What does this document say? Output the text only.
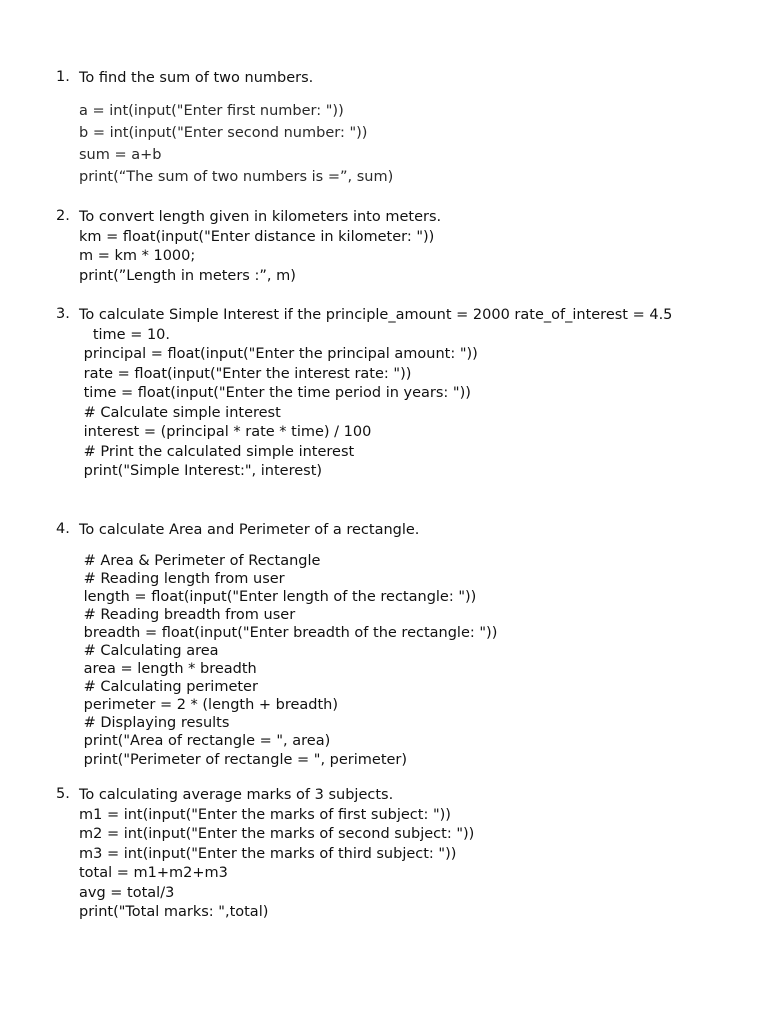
1. To find the sum of two numbers.
a = int(input("Enter first number: "))
b = int(input("Enter second number: "))
sum = a+b
print(“The sum of two numbers is =”, sum)
2. To convert length given in kilometers into meters.
km = float(input("Enter distance in kilometer: "))
m = km * 1000;
print(”Length in meters :”, m)
3. To calculate Simple Interest if the principle_amount = 2000 rate_of_interest = 4.5
time = 10.
principal = float(input("Enter the principal amount: "))
rate = float(input("Enter the interest rate: "))
time = float(input("Enter the time period in years: "))
# Calculate simple interest
interest = (principal * rate * time) / 100
# Print the calculated simple interest
print("Simple Interest:", interest)
4. To calculate Area and Perimeter of a rectangle.
# Area & Perimeter of Rectangle
# Reading length from user
length = float(input("Enter length of the rectangle: "))
# Reading breadth from user
breadth = float(input("Enter breadth of the rectangle: "))
# Calculating area
area = length * breadth
# Calculating perimeter
perimeter = 2 * (length + breadth)
# Displaying results
print("Area of rectangle = ", area)
print("Perimeter of rectangle = ", perimeter)
5. To calculating average marks of 3 subjects.
m1 = int(input("Enter the marks of first subject: "))
m2 = int(input("Enter the marks of second subject: "))
m3 = int(input("Enter the marks of third subject: "))
total = m1+m2+m3
avg = total/3
print("Total marks: ",total)
